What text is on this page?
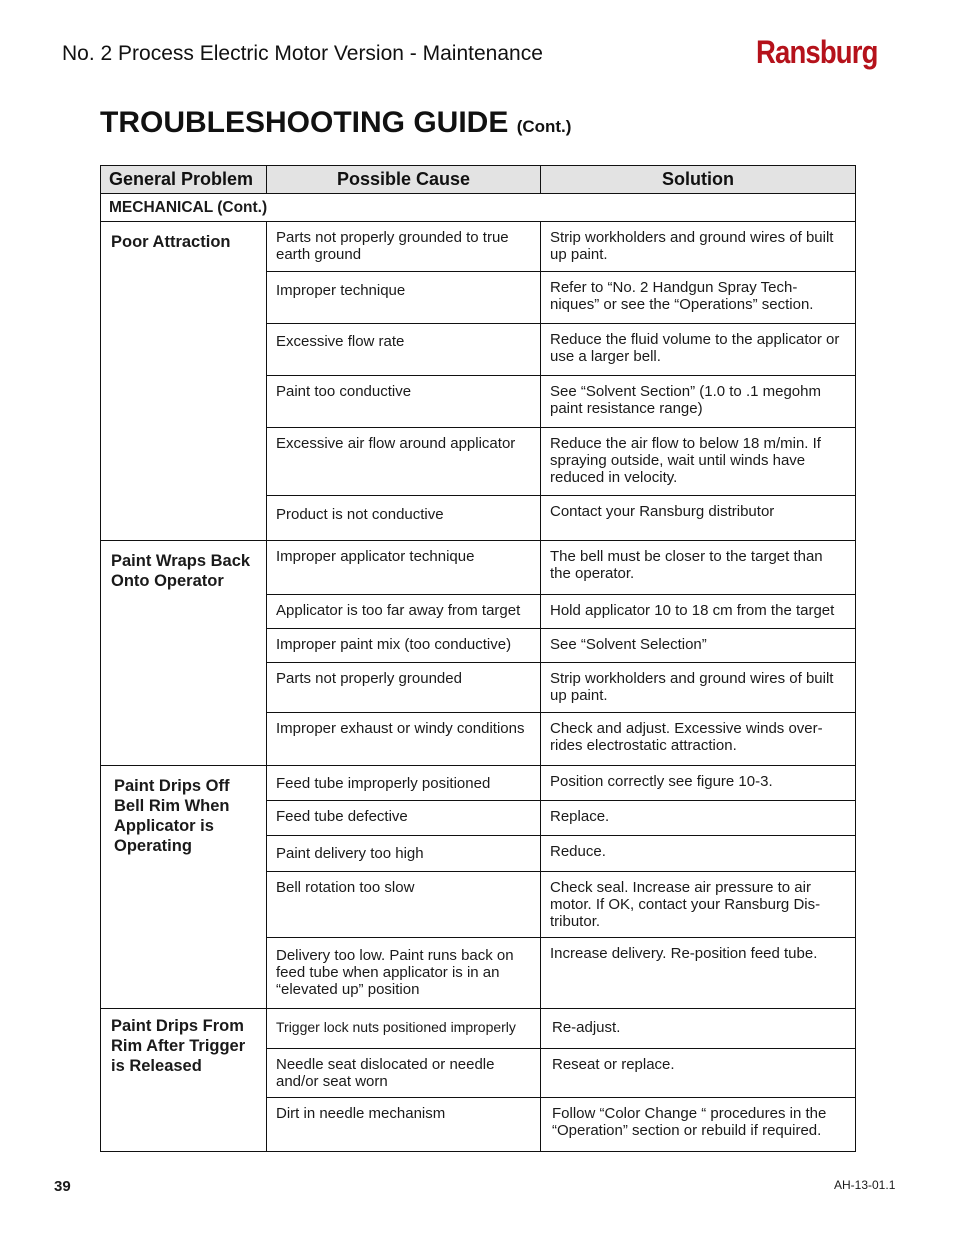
No. 2 Process Electric Motor Version - Maintenance	Ransburg
TROUBLESHOOTING GUIDE (Cont.)
General Problem	Possible Cause	Solution
MECHANICAL (Cont.)		
Poor Attraction	Parts not properly grounded to true earth ground	Strip workholders and ground wires of built up paint.
	Improper technique	Refer to “No. 2 Handgun Spray Tech-niques” or see the “Operations” section.
	Excessive flow rate	Reduce the fluid volume to the applicator or use a larger bell.
	Paint too conductive	See “Solvent Section” (1.0 to .1 megohm paint resistance range)
	Excessive air flow around applicator	Reduce the air flow to below 18 m/min. If spraying outside, wait until winds have reduced in velocity.
	Product is not conductive	Contact your Ransburg distributor
Paint Wraps Back Onto Operator	Improper applicator technique	The bell must be closer to the target than the operator.
	Applicator is too far away from target	Hold applicator 10 to 18 cm from the target
	Improper paint mix (too conductive)	See “Solvent Selection”
	Parts not properly grounded	Strip workholders and ground wires of built up paint.
	Improper exhaust or windy conditions	Check and adjust. Excessive winds over-rides electrostatic attraction.
Paint Drips Off Bell Rim When Applicator is Operating	Feed tube improperly positioned	Position correctly see figure 10-3.
	Feed tube defective	Replace.
	Paint delivery too high	Reduce.
	Bell rotation too slow	Check seal. Increase air pressure to air motor. If OK, contact your Ransburg Dis-tributor.
	Delivery too low. Paint runs back on feed tube when applicator is in an “elevated up” position	Increase delivery. Re-position feed tube.
Paint Drips From Rim After Trigger is Released	Trigger lock nuts positioned improperly	Re-adjust.
	Needle seat dislocated or needle and/or seat worn	Reseat or replace.
	Dirt in needle mechanism	Follow “Color Change “ procedures in the “Operation” section or rebuild if required.
39	AH-13-01.1
